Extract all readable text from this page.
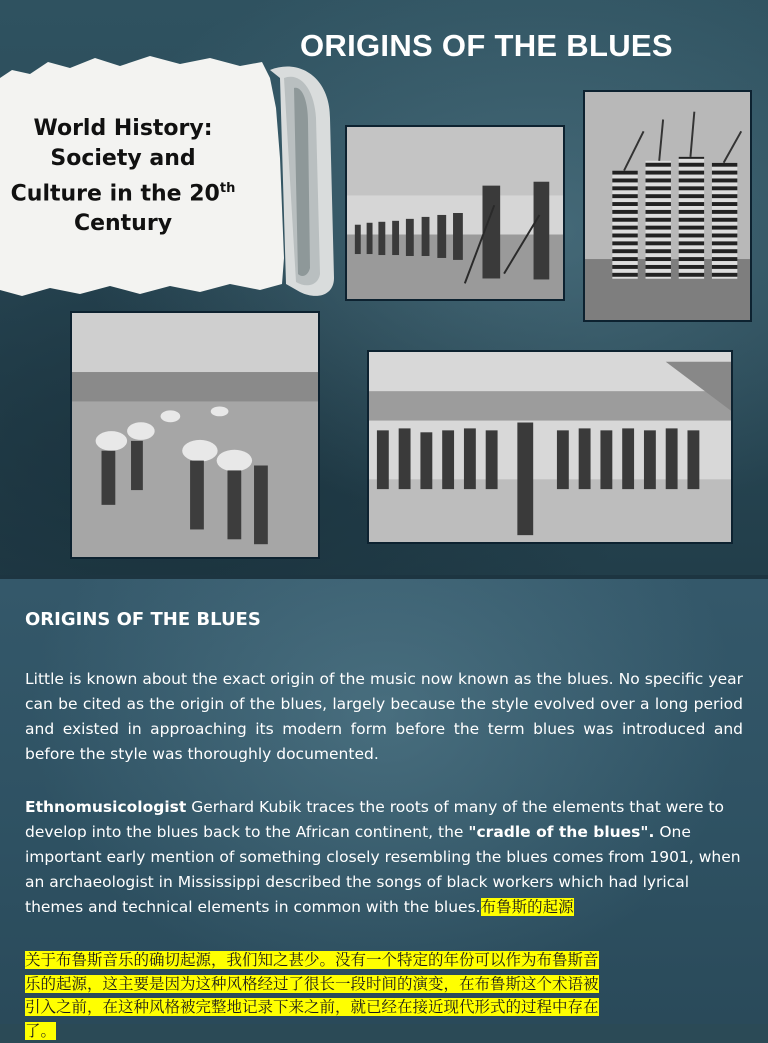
ORIGINS OF THE BLUES
World History:
Society and
Culture in the 20th
Century
ORIGINS OF THE BLUES
Little is known about the exact origin of the music now known as the blues. No specific year can be cited as the origin of the blues, largely because the style evolved over a long period and existed in approaching its modern form before the term blues was introduced and before the style was thoroughly documented.
Ethnomusicologist Gerhard Kubik traces the roots of many of the elements that were to develop into the blues back to the African continent, the "cradle of the blues". One important early mention of something closely resembling the blues comes from 1901, when an archaeologist in Mississippi described the songs of black workers which had lyrical themes and technical elements in common with the blues.布鲁斯的起源
关于布鲁斯音乐的确切起源，我们知之甚少。没有一个特定的年份可以作为布鲁斯音
乐的起源，这主要是因为这种风格经过了很长一段时间的演变，在布鲁斯这个术语被
引入之前，在这种风格被完整地记录下来之前，就已经在接近现代形式的过程中存在
了。
